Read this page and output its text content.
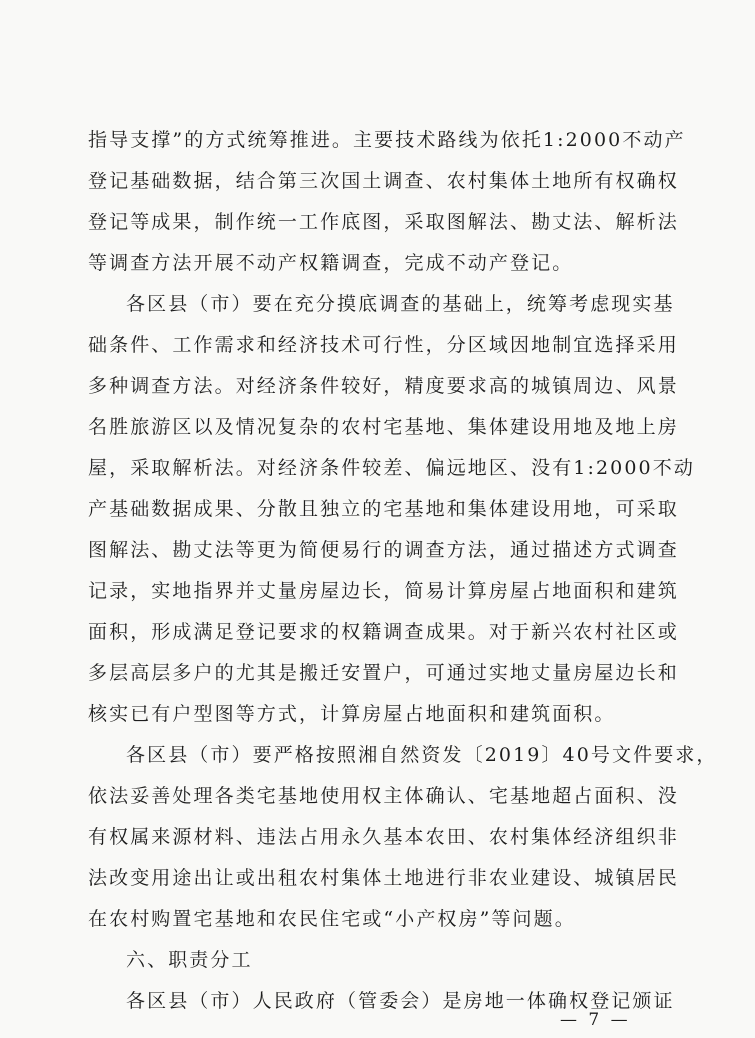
指导支撑”的方式统筹推进。主要技术路线为依托1:2000不动产
登记基础数据，结合第三次国土调查、农村集体土地所有权确权
登记等成果，制作统一工作底图，采取图解法、勘丈法、解析法
等调查方法开展不动产权籍调查，完成不动产登记。
各区县（市）要在充分摸底调查的基础上，统筹考虑现实基
础条件、工作需求和经济技术可行性，分区域因地制宜选择采用
多种调查方法。对经济条件较好，精度要求高的城镇周边、风景
名胜旅游区以及情况复杂的农村宅基地、集体建设用地及地上房
屋，采取解析法。对经济条件较差、偏远地区、没有1:2000不动
产基础数据成果、分散且独立的宅基地和集体建设用地，可采取
图解法、勘丈法等更为简便易行的调查方法，通过描述方式调查
记录，实地指界并丈量房屋边长，简易计算房屋占地面积和建筑
面积，形成满足登记要求的权籍调查成果。对于新兴农村社区或
多层高层多户的尤其是搬迁安置户，可通过实地丈量房屋边长和
核实已有户型图等方式，计算房屋占地面积和建筑面积。
各区县（市）要严格按照湘自然资发〔2019〕40号文件要求，
依法妥善处理各类宅基地使用权主体确认、宅基地超占面积、没
有权属来源材料、违法占用永久基本农田、农村集体经济组织非
法改变用途出让或出租农村集体土地进行非农业建设、城镇居民
在农村购置宅基地和农民住宅或“小产权房”等问题。
六、职责分工
各区县（市）人民政府（管委会）是房地一体确权登记颁证
— 7 —
